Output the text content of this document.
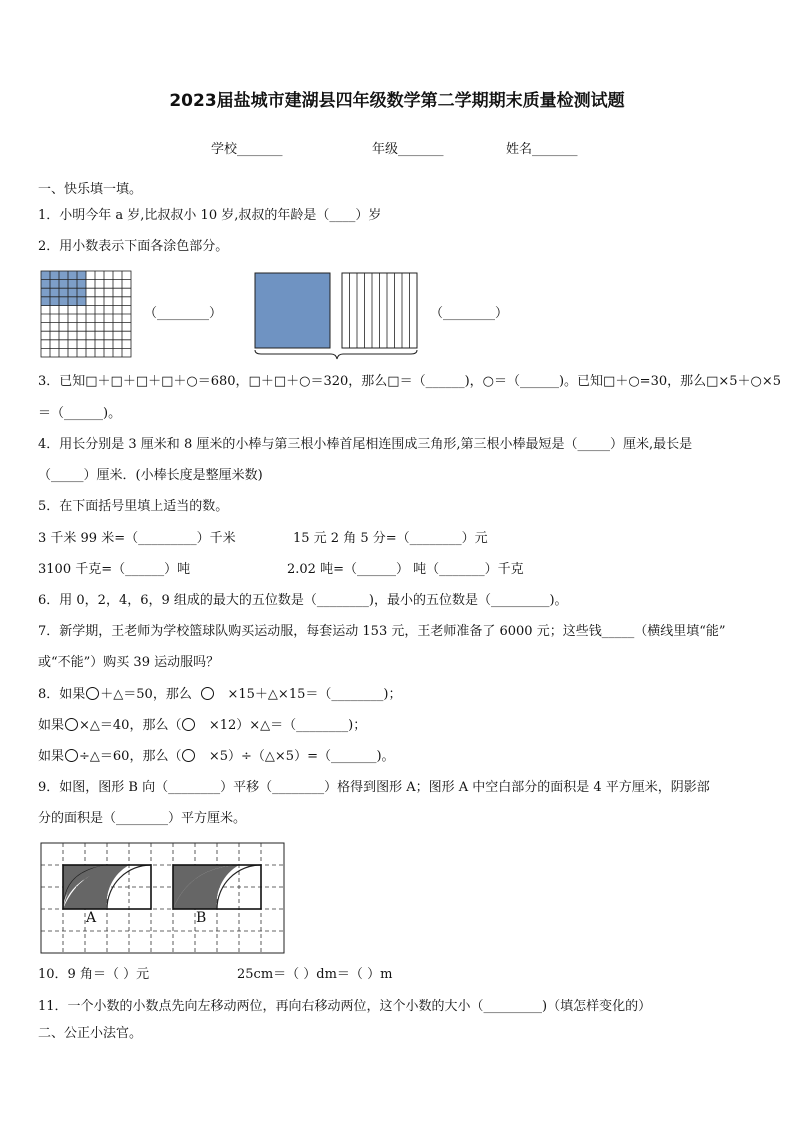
2023届盐城市建湖县四年级数学第二学期期末质量检测试题
学校_______	年级_______	姓名_______
一、快乐填一填。
1．小明今年 a 岁,比叔叔小 10 岁,叔叔的年龄是（____）岁
2．用小数表示下面各涂色部分。
（________）	（________）
3．已知□＋□＋□＋□＋○＝680，□＋□＋○＝320，那么□＝（______)，○＝（______)。已知□＋○=30，那么□×5＋○×5
＝（______)。
4．用长分别是 3 厘米和 8 厘米的小棒与第三根小棒首尾相连围成三角形,第三根小棒最短是（_____）厘米,最长是
（_____）厘米．(小棒长度是整厘米数)
5．在下面括号里填上适当的数。
3 千米 99 米=（_________）千米	15 元 2 角 5 分=（________）元
3100 千克=（______）吨	2.02 吨=（______） 吨（_______）千克
6．用 0，2，4，6，9 组成的最大的五位数是（________)，最小的五位数是（_________)。
7．新学期，王老师为学校篮球队购买运动服，每套运动 153 元，王老师准备了 6000 元；这些钱_____（横线里填“能”
或“不能”）购买 39 运动服吗？
8．如果 ＋△＝50，那么	×15＋△×15＝（________)；
如果 ×△＝40，那么（ ×12）×△＝（________)；
如果 ÷△＝60，那么（ ×5）÷（△×5）=（_______)。
9．如图，图形 B 向（________）平移（________）格得到图形 A；图形 A 中空白部分的面积是 4 平方厘米，阴影部
分的面积是（________）平方厘米。
A	B
10．9 角＝（ ）元	25cm＝（ ）dm＝（ ）m
11．一个小数的小数点先向左移动两位，再向右移动两位，这个小数的大小（_________)（填怎样变化的）
二、公正小法官。
